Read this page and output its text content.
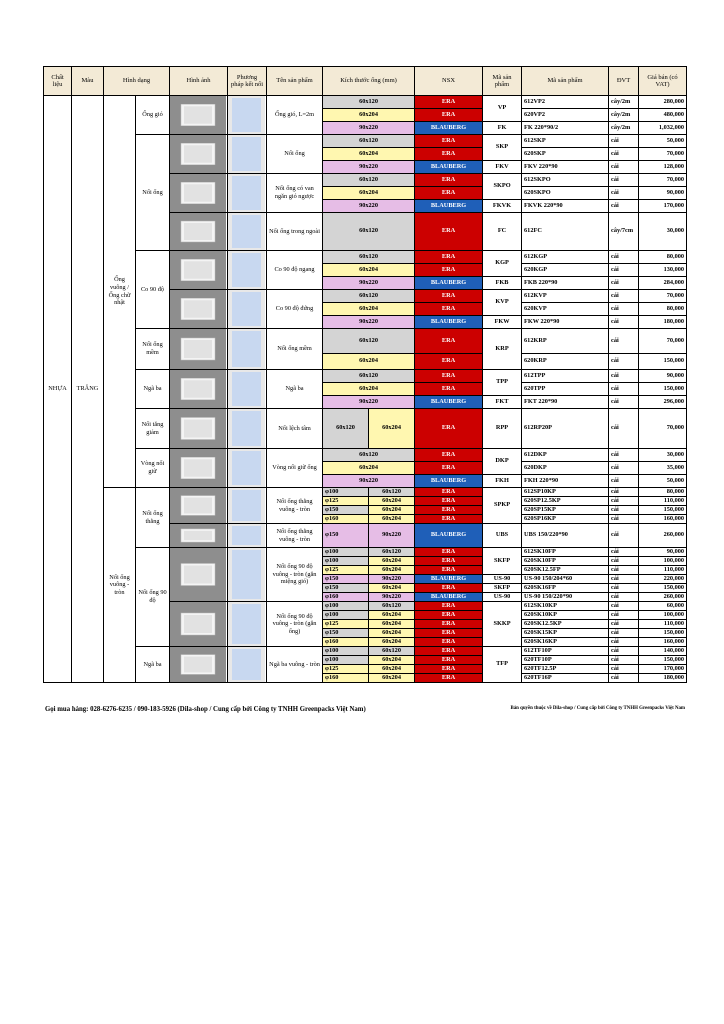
Chất liệu	Màu	Hình dạng		Hình ảnh	Phương pháp kết nối	Tên sản phẩm	Kích thước ống (mm)		NSX	Mã sản phẩm	Mã sản phẩm	ĐVT	Giá bán (có VAT)
NHỰA	TRẮNG	Ống vuông / Ống chữ nhật	Ống gió			Ống gió, L=2m	60x120		ERA	VP	612VP2	cây/2m	280,000
							60x204		ERA		620VP2	cây/2m	480,000
							90x220		BLAUBERG	FK	FK 220*90/2	cây/2m	1,032,000
			Nối ống			Nối ống	60x120		ERA	SKP	612SKP	cái	50,000
							60x204		ERA		620SKP	cái	70,000
							90x220		BLAUBERG	FKV	FKV 220*90	cái	128,000

	Nối ống có van ngăn gió ngược	60x120		ERA	SKPO	612SKPO	cái	70,000
							60x204		ERA		620SKPO	cái	90,000
							90x220		BLAUBERG	FKVK	FKVK 220*90	cái	170,000

	Nối ống trong ngoài	60x120		ERA	FC	612FC	cây/7cm	30,000
			Co 90 độ			Co 90 độ ngang	60x120		ERA	KGP	612KGP	cái	80,000
							60x204		ERA		620KGP	cái	130,000
							90x220		BLAUBERG	FKB	FKB 220*90	cái	284,000

	Co 90 độ đứng	60x120		ERA	KVP	612KVP	cái	70,000
							60x204		ERA		620KVP	cái	80,000
							90x220		BLAUBERG	FKW	FKW 220*90	cái	180,000
			Nối ống mềm			Nối ống mềm	60x120		ERA	KRP	612KRP	cái	70,000
							60x204		ERA		620KRP	cái	150,000
			Ngã ba			Ngã ba	60x120		ERA	TPP	612TPP	cái	90,000
							60x204		ERA		620TPP	cái	150,000
							90x220		BLAUBERG	FKT	FKT 220*90	cái	296,000
			Nối tăng giảm			Nối lệch tâm	60x120	60x204	ERA	RPP	612RP20P	cái	70,000
			Vòng nối giữ			Vòng nối giữ ống	60x120		ERA	DKP	612DKP	cái	30,000
							60x204		ERA		620DKP	cái	35,000
							90x220		BLAUBERG	FKH	FKH 220*90	cái	50,000
		Nối ống vuông - tròn	Nối ống thẳng			Nối ống thẳng vuông - tròn	φ100	60x120	ERA	SPKP	612SP10KP	cái	80,000
							φ125	60x204	ERA		620SP12.5KP	cái	110,000
							φ150	60x204	ERA		620SP15KP	cái	150,000
							φ160	60x204	ERA		620SP16KP	cái	160,000

	Nối ống thẳng vuông - tròn	φ150	90x220	BLAUBERG	UBS	UBS 150/220*90	cái	260,000
			Nối ống 90 độ			Nối ống 90 độ vuông - tròn (gắn miệng gió)	φ100	60x120	ERA	SKFP	612SK10FP	cái	90,000
							φ100	60x204	ERA		620SK10FP	cái	100,000
							φ125	60x204	ERA		620SK12.5FP	cái	110,000
							φ150	90x220	BLAUBERG	US-90	US-90 150/204*60	cái	220,000
							φ150	60x204	ERA	SKFP	620SK16FP	cái	150,000
							φ160	90x220	BLAUBERG	US-90	US-90 150/220*90	cái	260,000

	Nối ống 90 độ vuông - tròn (gắn ống)	φ100	60x120	ERA	SKKP	612SK10KP	cái	60,000
							φ100	60x204	ERA		620SK10KP	cái	100,000
							φ125	60x204	ERA		620SK12.5KP	cái	110,000
							φ150	60x204	ERA		620SK15KP	cái	150,000
							φ160	60x204	ERA		620SK16KP	cái	160,000
			Ngã ba			Ngã ba vuông - tròn	φ100	60x120	ERA	TFP	612TF10P	cái	140,000
							φ100	60x204	ERA		620TF10P	cái	150,000
							φ125	60x204	ERA		620TF12.5P	cái	170,000
							φ160	60x204	ERA		620TF16P	cái	180,000
Gọi mua hàng: 028-6276-6235 / 090-183-5926 (Dila-shop / Cung cấp bởi Công ty TNHH Greenpacks Việt Nam)	Bản quyền thuộc về Dila-shop / Cung cấp bởi Công ty TNHH Greenpacks Việt Nam
